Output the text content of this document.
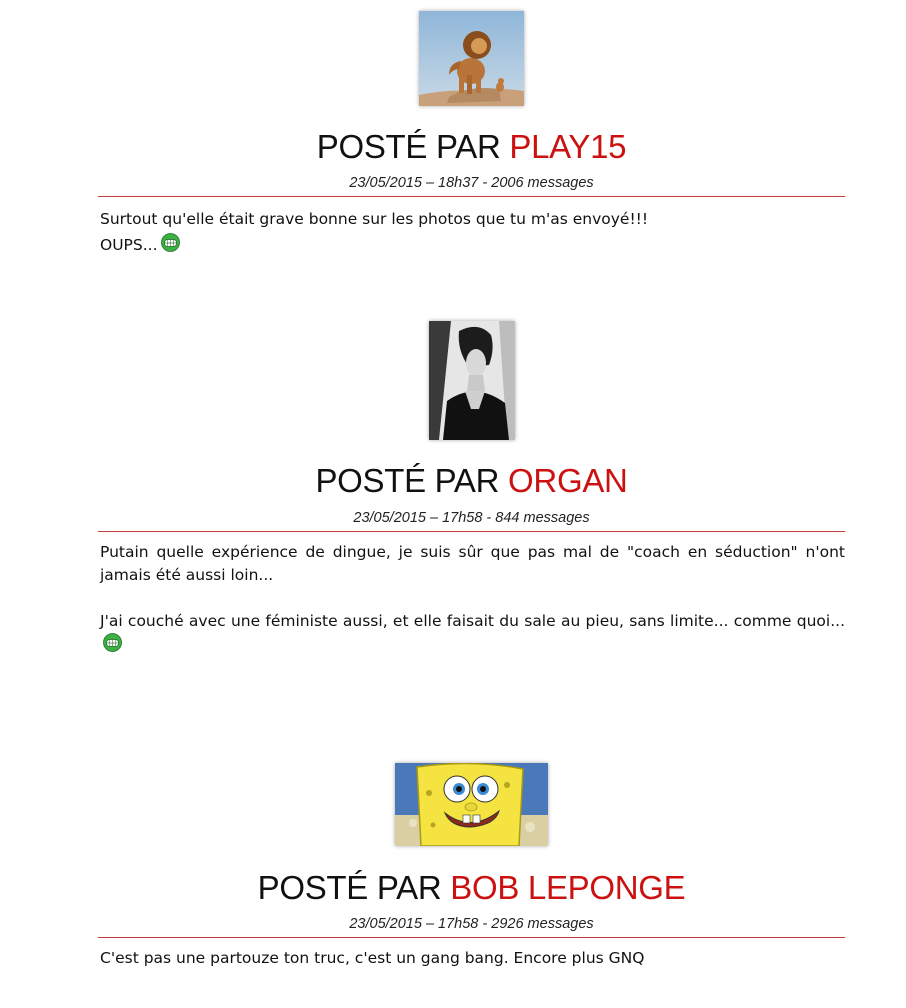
POSTÉ PAR PLAY15
23/05/2015 – 18h37 - 2006 messages
Surtout qu'elle était grave bonne sur les photos que tu m'as envoyé!!!
OUPS...
POSTÉ PAR ORGAN
23/05/2015 – 17h58 - 844 messages

Putain quelle expérience de dingue, je suis sûr que pas mal de "coach en séduction" n'ont jamais été aussi loin...

J'ai couché avec une féministe aussi, et elle faisait du sale au pieu, sans limite... comme quoi...

POSTÉ PAR BOB LEPONGE
23/05/2015 – 17h58 - 2926 messages

C'est pas une partouze ton truc, c'est un gang bang. Encore plus GNQ
